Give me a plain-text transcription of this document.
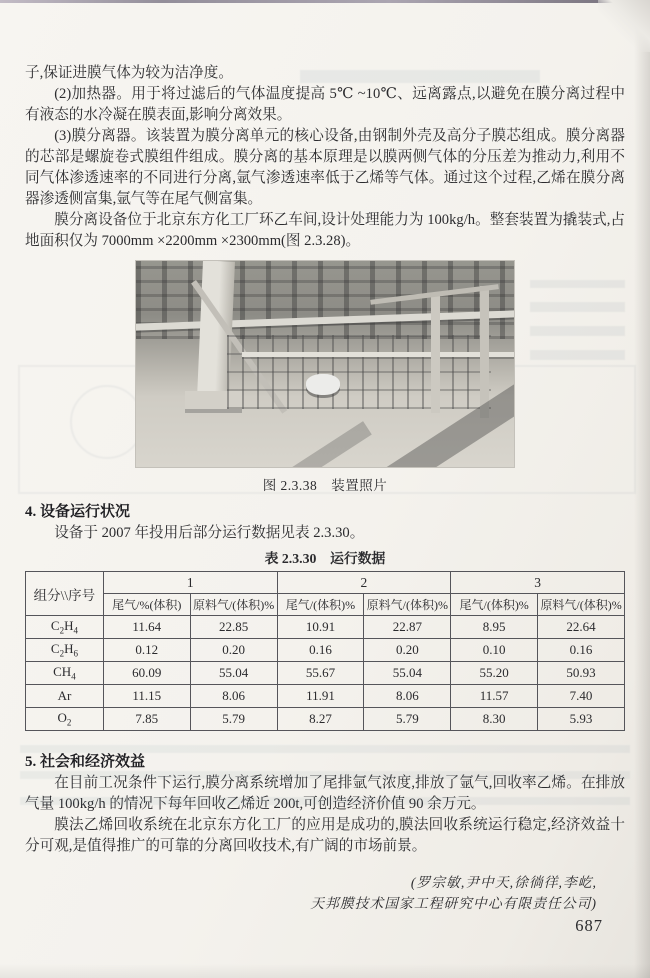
子,保证进膜气体为较为洁净度。

(2)加热器。用于将过滤后的气体温度提高 5℃ ~10℃、远离露点,以避免在膜分离过程中有液态的水冷凝在膜表面,影响分离效果。

(3)膜分离器。该装置为膜分离单元的核心设备,由钢制外壳及高分子膜芯组成。膜分离器的芯部是螺旋卷式膜组件组成。膜分离的基本原理是以膜两侧气体的分压差为推动力,利用不同气体渗透速率的不同进行分离,氩气渗透速率低于乙烯等气体。通过这个过程,乙烯在膜分离器渗透侧富集,氩气等在尾气侧富集。

膜分离设备位于北京东方化工厂环乙车间,设计处理能力为 100kg/h。整套装置为撬装式,占地面积仅为 7000mm ×2200mm ×2300mm(图 2.3.28)。

图 2.3.38　装置照片

4. 设备运行状况

设备于 2007 年投用后部分运行数据见表 2.3.30。

表 2.3.30　运行数据
组分\\序号	1		2		3	
	尾气/%(体积)	原料气/(体积)%	尾气/(体积)%	原料气/(体积)%	尾气/(体积)%	原料气/(体积)%
$C_2H_4$	11.64	22.85	10.91	22.87	8.95	22.64
$C_2H_6$	0.12	0.20	0.16	0.20	0.10	0.16
$CH_4$	60.09	55.04	55.67	55.04	55.20	50.93
Ar	11.15	8.06	11.91	8.06	11.57	7.40
$O_2$	7.85	5.79	8.27	5.79	8.30	5.93

5. 社会和经济效益

在目前工况条件下运行,膜分离系统增加了尾排氩气浓度,排放了氩气,回收率乙烯。在排放气量 100kg/h 的情况下每年回收乙烯近 200t,可创造经济价值 90 余万元。

膜法乙烯回收系统在北京东方化工厂的应用是成功的,膜法回收系统运行稳定,经济效益十分可观,是值得推广的可靠的分离回收技术,有广阔的市场前景。

(罗宗敏,尹中天,徐徜徉,李屹,
天邦膜技术国家工程研究中心有限责任公司)
687
